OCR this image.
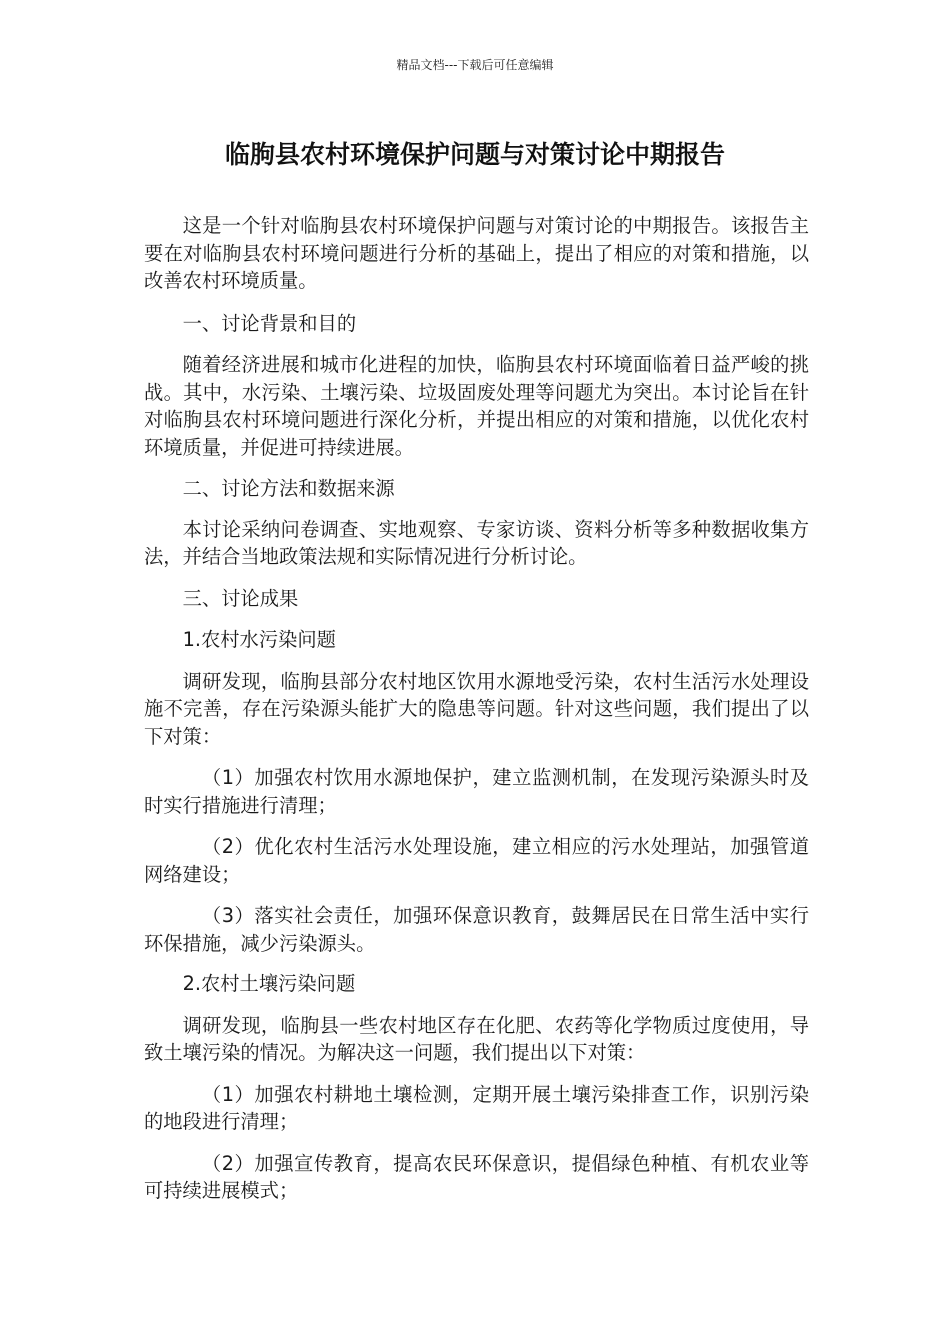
精品文档---下载后可任意编辑
临朐县农村环境保护问题与对策讨论中期报告

这是一个针对临朐县农村环境保护问题与对策讨论的中期报告。该报告主要在对临朐县农村环境问题进行分析的基础上，提出了相应的对策和措施，以改善农村环境质量。

一、讨论背景和目的

随着经济进展和城市化进程的加快，临朐县农村环境面临着日益严峻的挑战。其中，水污染、土壤污染、垃圾固废处理等问题尤为突出。本讨论旨在针对临朐县农村环境问题进行深化分析，并提出相应的对策和措施，以优化农村环境质量，并促进可持续进展。

二、讨论方法和数据来源

本讨论采纳问卷调查、实地观察、专家访谈、资料分析等多种数据收集方法，并结合当地政策法规和实际情况进行分析讨论。

三、讨论成果

1.农村水污染问题

调研发现，临朐县部分农村地区饮用水源地受污染，农村生活污水处理设施不完善，存在污染源头能扩大的隐患等问题。针对这些问题，我们提出了以下对策：

（1）加强农村饮用水源地保护，建立监测机制，在发现污染源头时及时实行措施进行清理；

（2）优化农村生活污水处理设施，建立相应的污水处理站，加强管道网络建设；

（3）落实社会责任，加强环保意识教育，鼓舞居民在日常生活中实行环保措施，减少污染源头。

2.农村土壤污染问题

调研发现，临朐县一些农村地区存在化肥、农药等化学物质过度使用，导致土壤污染的情况。为解决这一问题，我们提出以下对策：

（1）加强农村耕地土壤检测，定期开展土壤污染排查工作，识别污染的地段进行清理；

（2）加强宣传教育，提高农民环保意识，提倡绿色种植、有机农业等可持续进展模式；
